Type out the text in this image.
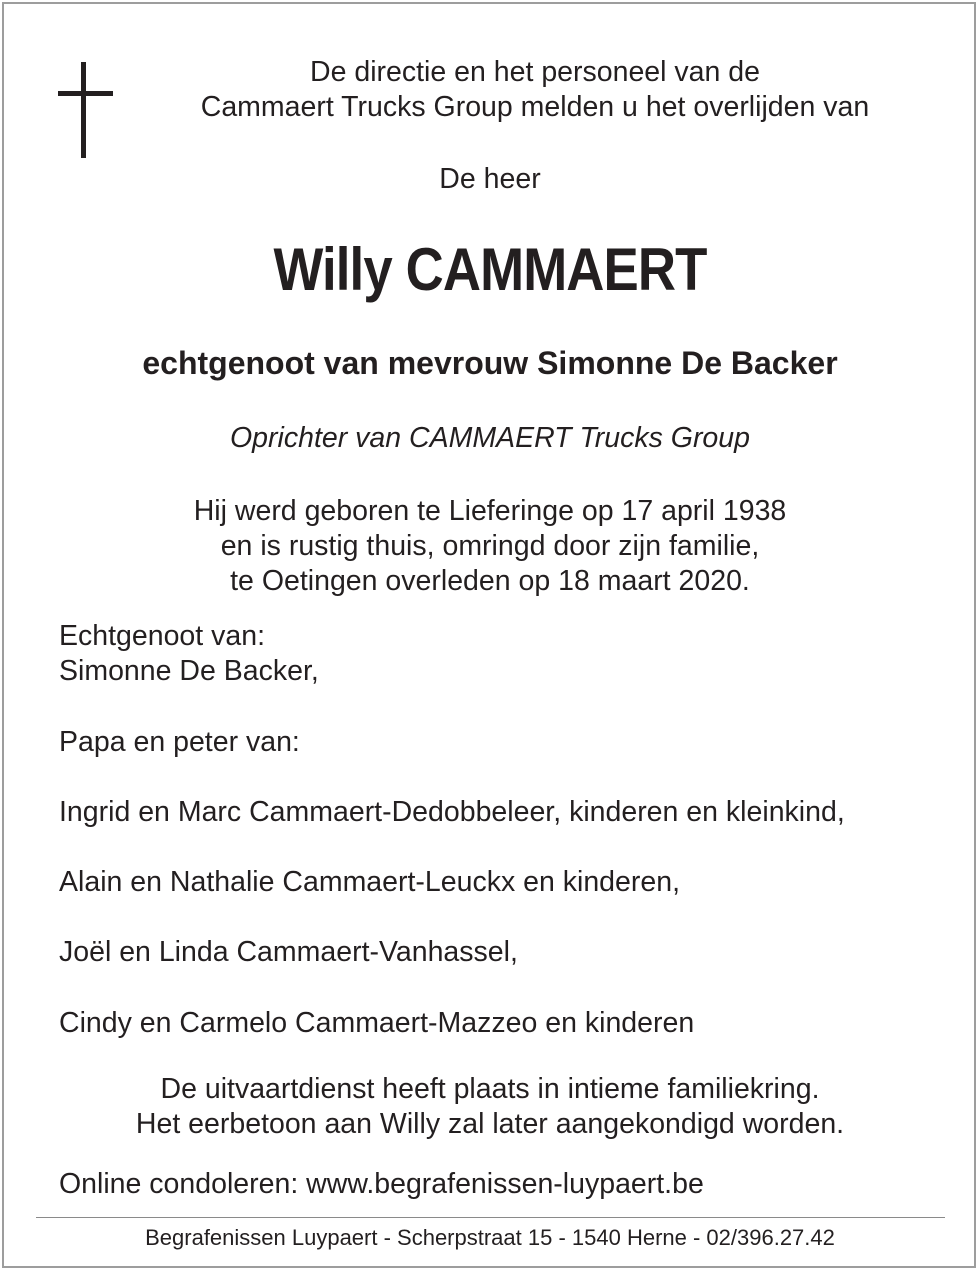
De directie en het personeel van de
Cammaert Trucks Group melden u het overlijden van
De heer
Willy CAMMAERT
echtgenoot van mevrouw Simonne De Backer
Oprichter van CAMMAERT Trucks Group
Hij werd geboren te Lieferinge op 17 april 1938
en is rustig thuis, omringd door zijn familie,
te Oetingen overleden op 18 maart 2020.
Echtgenoot van:
Simonne De Backer,
Papa en peter van:
Ingrid en Marc Cammaert-Dedobbeleer, kinderen en kleinkind,
Alain en Nathalie Cammaert-Leuckx en kinderen,
Joël en Linda Cammaert-Vanhassel,
Cindy en Carmelo Cammaert-Mazzeo en kinderen
De uitvaartdienst heeft plaats in intieme familiekring.
Het eerbetoon aan Willy zal later aangekondigd worden.
Online condoleren: www.begrafenissen-luypaert.be
Begrafenissen Luypaert - Scherpstraat 15 - 1540 Herne - 02/396.27.42
